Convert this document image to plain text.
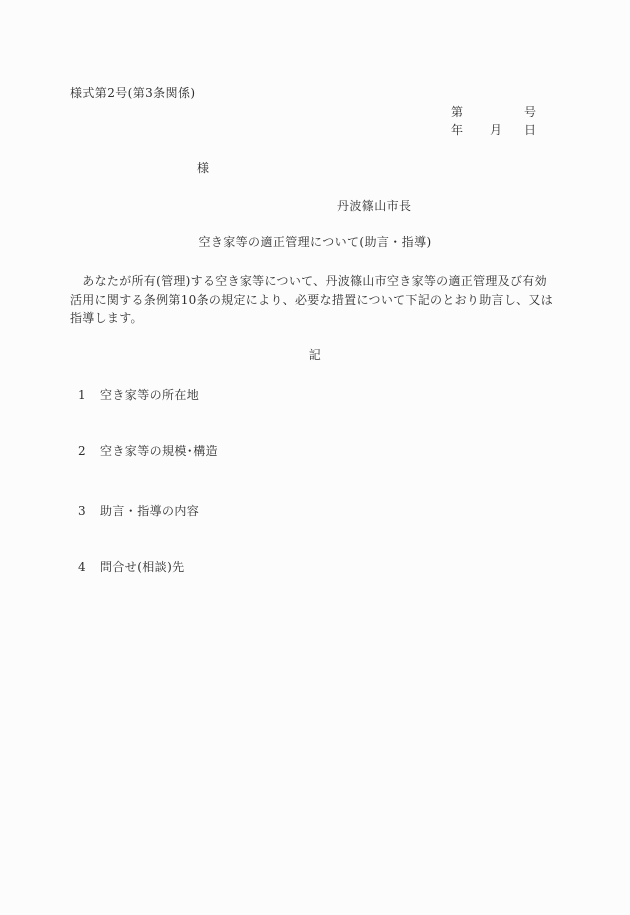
様式第2号(第3条関係)
第	号
年 月 日
様
丹波篠山市長
空き家等の適正管理について(助言・指導)
　あなたが所有(管理)する空き家等について、丹波篠山市空き家等の適正管理及び有効
活用に関する条例第10条の規定により、必要な措置について下記のとおり助言し、又は
指導します。
記
1 空き家等の所在地
2 空き家等の規模･構造
3 助言・指導の内容
4 問合せ(相談)先
